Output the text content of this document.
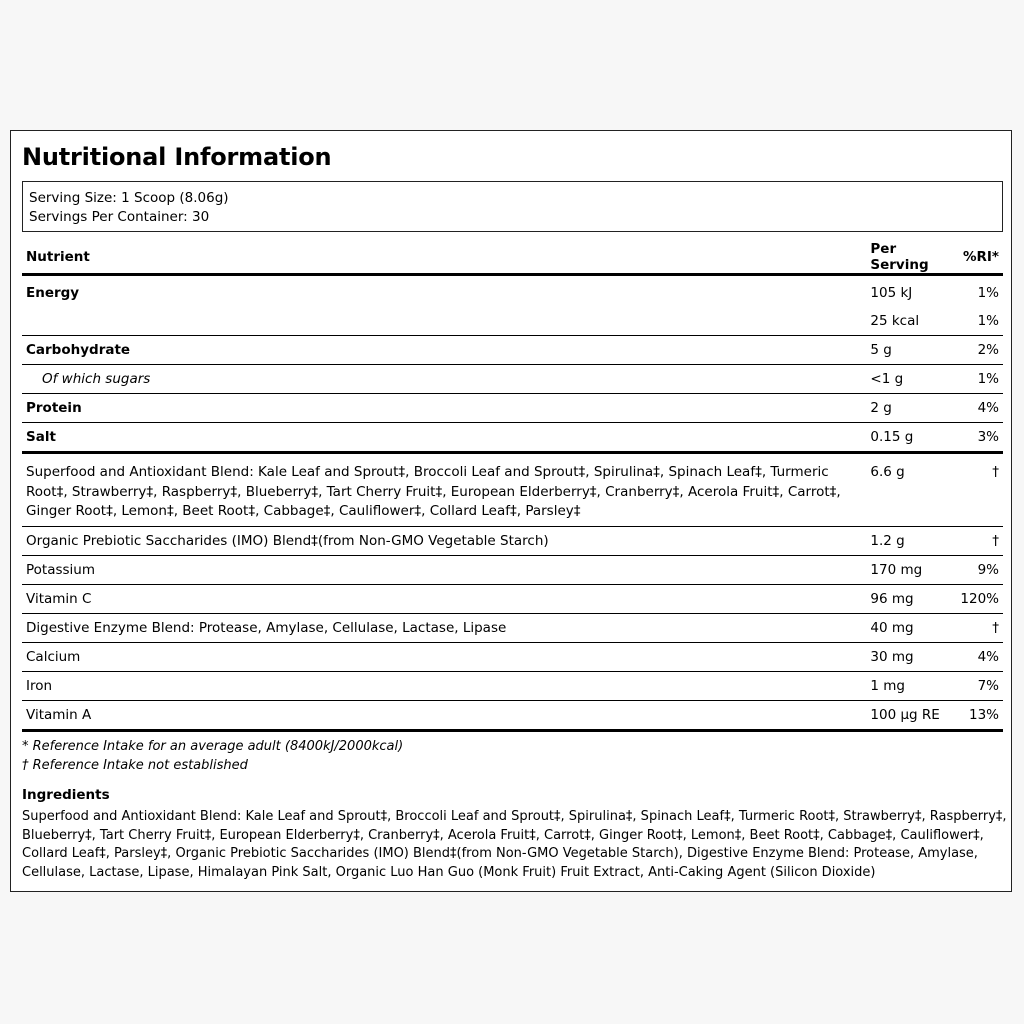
Nutritional Information
Serving Size: 1 Scoop (8.06g)
Servings Per Container: 30
Nutrient	Per Serving	%RI*
Energy	105 kJ	1%
	25 kcal	1%
Carbohydrate	5 g	2%
Of which sugars	<1 g	1%
Protein	2 g	4%
Salt	0.15 g	3%
Superfood and Antioxidant Blend: Kale Leaf and Sprout‡, Broccoli Leaf and Sprout‡, Spirulina‡, Spinach Leaf‡, Turmeric Root‡, Strawberry‡, Raspberry‡, Blueberry‡, Tart Cherry Fruit‡, European Elderberry‡, Cranberry‡, Acerola Fruit‡, Carrot‡, Ginger Root‡, Lemon‡, Beet Root‡, Cabbage‡, Cauliflower‡, Collard Leaf‡, Parsley‡	6.6 g	†
Organic Prebiotic Saccharides (IMO) Blend‡(from Non-GMO Vegetable Starch)	1.2 g	†
Potassium	170 mg	9%
Vitamin C	96 mg	120%
Digestive Enzyme Blend: Protease, Amylase, Cellulase, Lactase, Lipase	40 mg	†
Calcium	30 mg	4%
Iron	1 mg	7%
Vitamin A	100 µg RE	13%
* Reference Intake for an average adult (8400kJ/2000kcal)
† Reference Intake not established
Ingredients
Superfood and Antioxidant Blend: Kale Leaf and Sprout‡, Broccoli Leaf and Sprout‡, Spirulina‡, Spinach Leaf‡, Turmeric Root‡, Strawberry‡, Raspberry‡, Blueberry‡, Tart Cherry Fruit‡, European Elderberry‡, Cranberry‡, Acerola Fruit‡, Carrot‡, Ginger Root‡, Lemon‡, Beet Root‡, Cabbage‡, Cauliflower‡, Collard Leaf‡, Parsley‡, Organic Prebiotic Saccharides (IMO) Blend‡(from Non-GMO Vegetable Starch), Digestive Enzyme Blend: Protease, Amylase, Cellulase, Lactase, Lipase, Himalayan Pink Salt, Organic Luo Han Guo (Monk Fruit) Fruit Extract, Anti-Caking Agent (Silicon Dioxide)
